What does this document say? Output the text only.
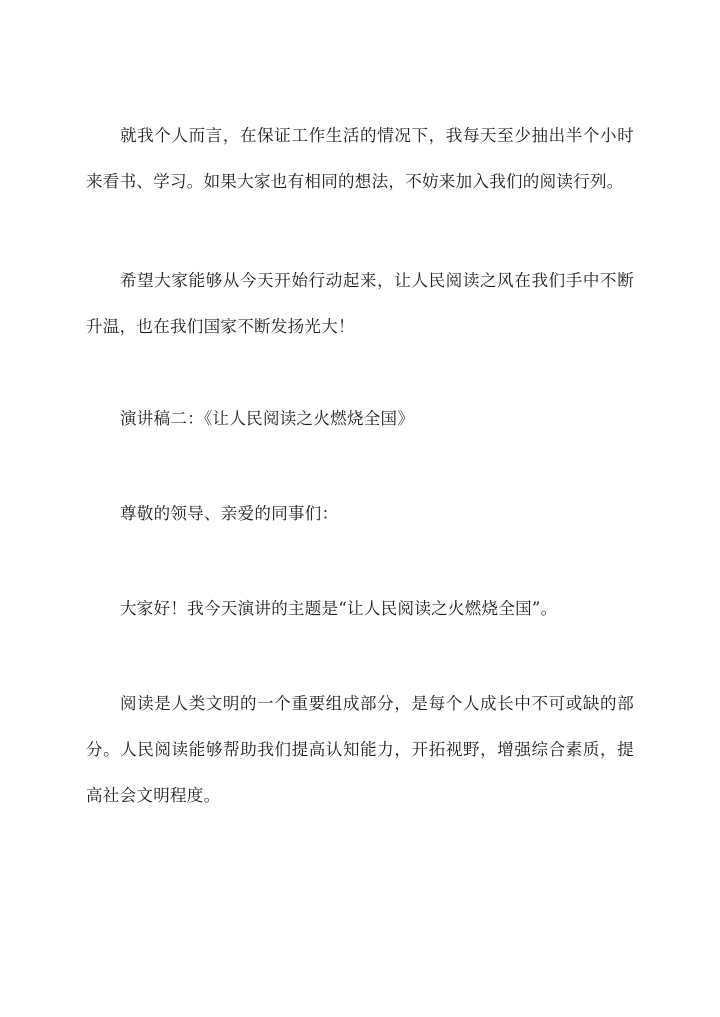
就我个人而言，在保证工作生活的情况下，我每天至少抽出半个小时来看书、学习。如果大家也有相同的想法，不妨来加入我们的阅读行列。

希望大家能够从今天开始行动起来，让人民阅读之风在我们手中不断升温，也在我们国家不断发扬光大！

演讲稿二：《让人民阅读之火燃烧全国》

尊敬的领导、亲爱的同事们：

大家好！我今天演讲的主题是“让人民阅读之火燃烧全国”。

阅读是人类文明的一个重要组成部分，是每个人成长中不可或缺的部分。人民阅读能够帮助我们提高认知能力，开拓视野，增强综合素质，提高社会文明程度。
